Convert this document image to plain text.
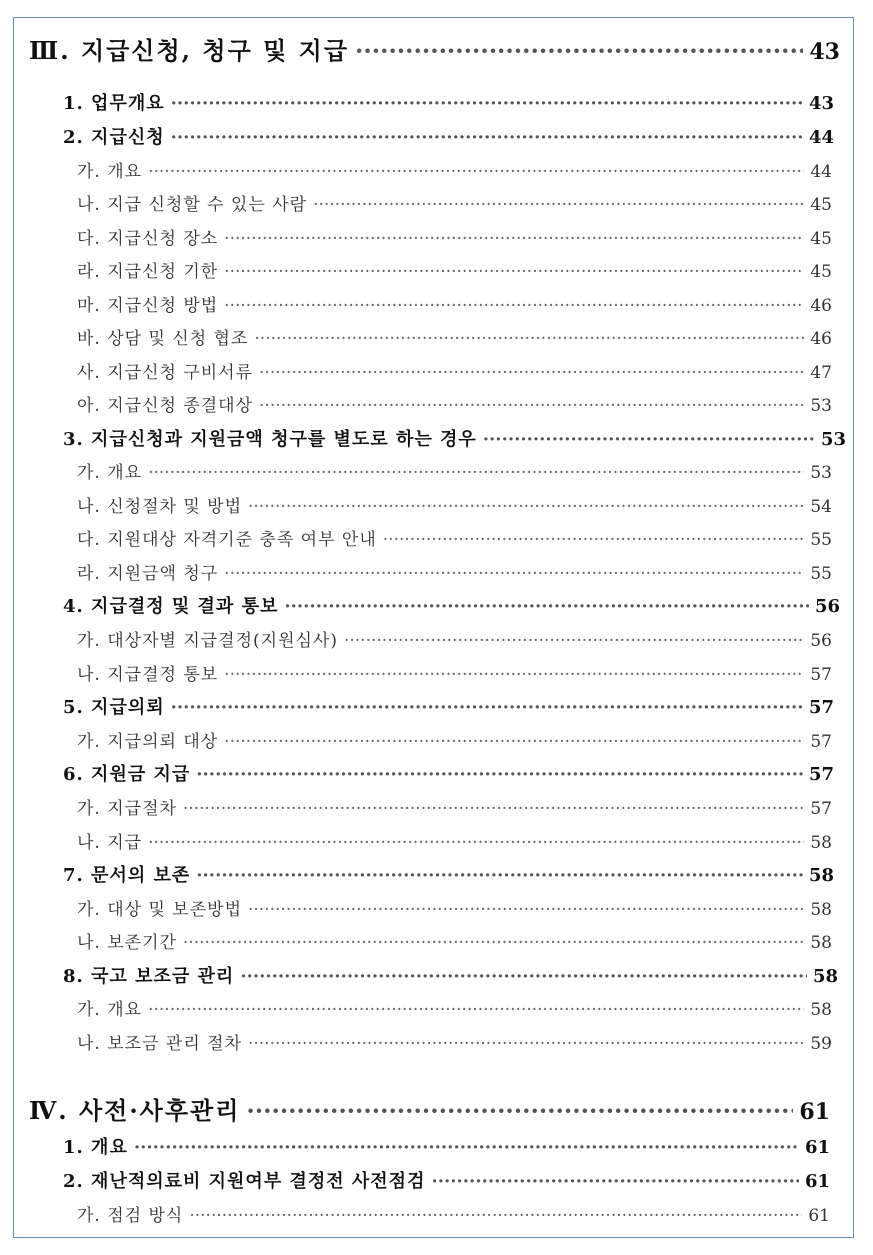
Ⅲ. 지급신청, 청구 및 지급 ·····	43
1. 업무개요 ·····	43
2. 지급신청 ·····	44
가. 개요 ·····	44
나. 지급 신청할 수 있는 사람 ·····	45
다. 지급신청 장소 ·····	45
라. 지급신청 기한 ·····	45
마. 지급신청 방법 ·····	46
바. 상담 및 신청 협조 ·····	46
사. 지급신청 구비서류 ·····	47
아. 지급신청 종결대상 ·····	53
3. 지급신청과 지원금액 청구를 별도로 하는 경우 ·····	53
가. 개요 ·····	53
나. 신청절차 및 방법 ·····	54
다. 지원대상 자격기준 충족 여부 안내 ·····	55
라. 지원금액 청구 ·····	55
4. 지급결정 및 결과 통보 ·····	56
가. 대상자별 지급결정(지원심사) ·····	56
나. 지급결정 통보 ·····	57
5. 지급의뢰 ·····	57
가. 지급의뢰 대상 ·····	57
6. 지원금 지급 ·····	57
가. 지급절차 ·····	57
나. 지급 ·····	58
7. 문서의 보존 ·····	58
가. 대상 및 보존방법 ·····	58
나. 보존기간 ·····	58
8. 국고 보조금 관리 ·····	58
가. 개요 ·····	58
나. 보조금 관리 절차 ·····	59
Ⅳ. 사전·사후관리 ·····	61
1. 개요 ·····	61
2. 재난적의료비 지원여부 결정전 사전점검 ·····	61
가. 점검 방식 ·····	61
